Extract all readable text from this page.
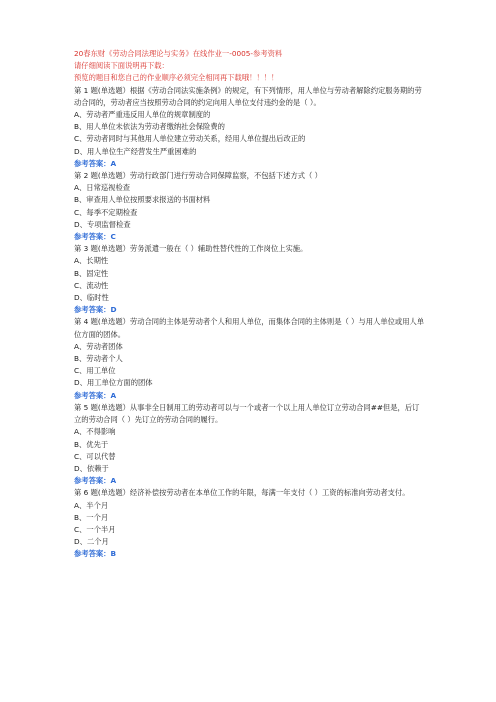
20春东财《劳动合同法理论与实务》在线作业一-0005-参考资料
请仔细阅读下面说明再下载：
预览的题目和您自己的作业顺序必须完全相同再下载哦！！！！
第 1 题(单选题）根据《劳动合同法实施条例》的规定，有下列情形，用人单位与劳动者解除约定服务期的劳动合同的，劳动者应当按照劳动合同的约定向用人单位支付违约金的是（ ）。
A、劳动者严重违反用人单位的规章制度的
B、用人单位未依法为劳动者缴纳社会保险费的
C、劳动者同时与其他用人单位建立劳动关系，经用人单位提出后改正的
D、用人单位生产经营发生严重困难的
参考答案：A
第 2 题(单选题）劳动行政部门进行劳动合同保障监察，不包括下述方式（ ）
A、日常巡视检查
B、审查用人单位按照要求报送的书面材料
C、每季不定期检查
D、专项监督检查
参考答案：C
第 3 题(单选题）劳务派遣一般在（ ）辅助性替代性的工作岗位上实施。
A、长期性
B、固定性
C、流动性
D、临时性
参考答案：D
第 4 题(单选题）劳动合同的主体是劳动者个人和用人单位，而集体合同的主体则是（ ）与用人单位或用人单位方面的团体。
A、劳动者团体
B、劳动者个人
C、用工单位
D、用工单位方面的团体
参考答案：A
第 5 题(单选题）从事非全日制用工的劳动者可以与一个或者一个以上用人单位订立劳动合同##但是，后订立的劳动合同（ ）先订立的劳动合同的履行。
A、不得影响
B、优先于
C、可以代替
D、依赖于
参考答案：A
第 6 题(单选题）经济补偿按劳动者在本单位工作的年限，每满一年支付（ ）工资的标准向劳动者支付。
A、半个月
B、一个月
C、一个半月
D、二个月
参考答案：B
